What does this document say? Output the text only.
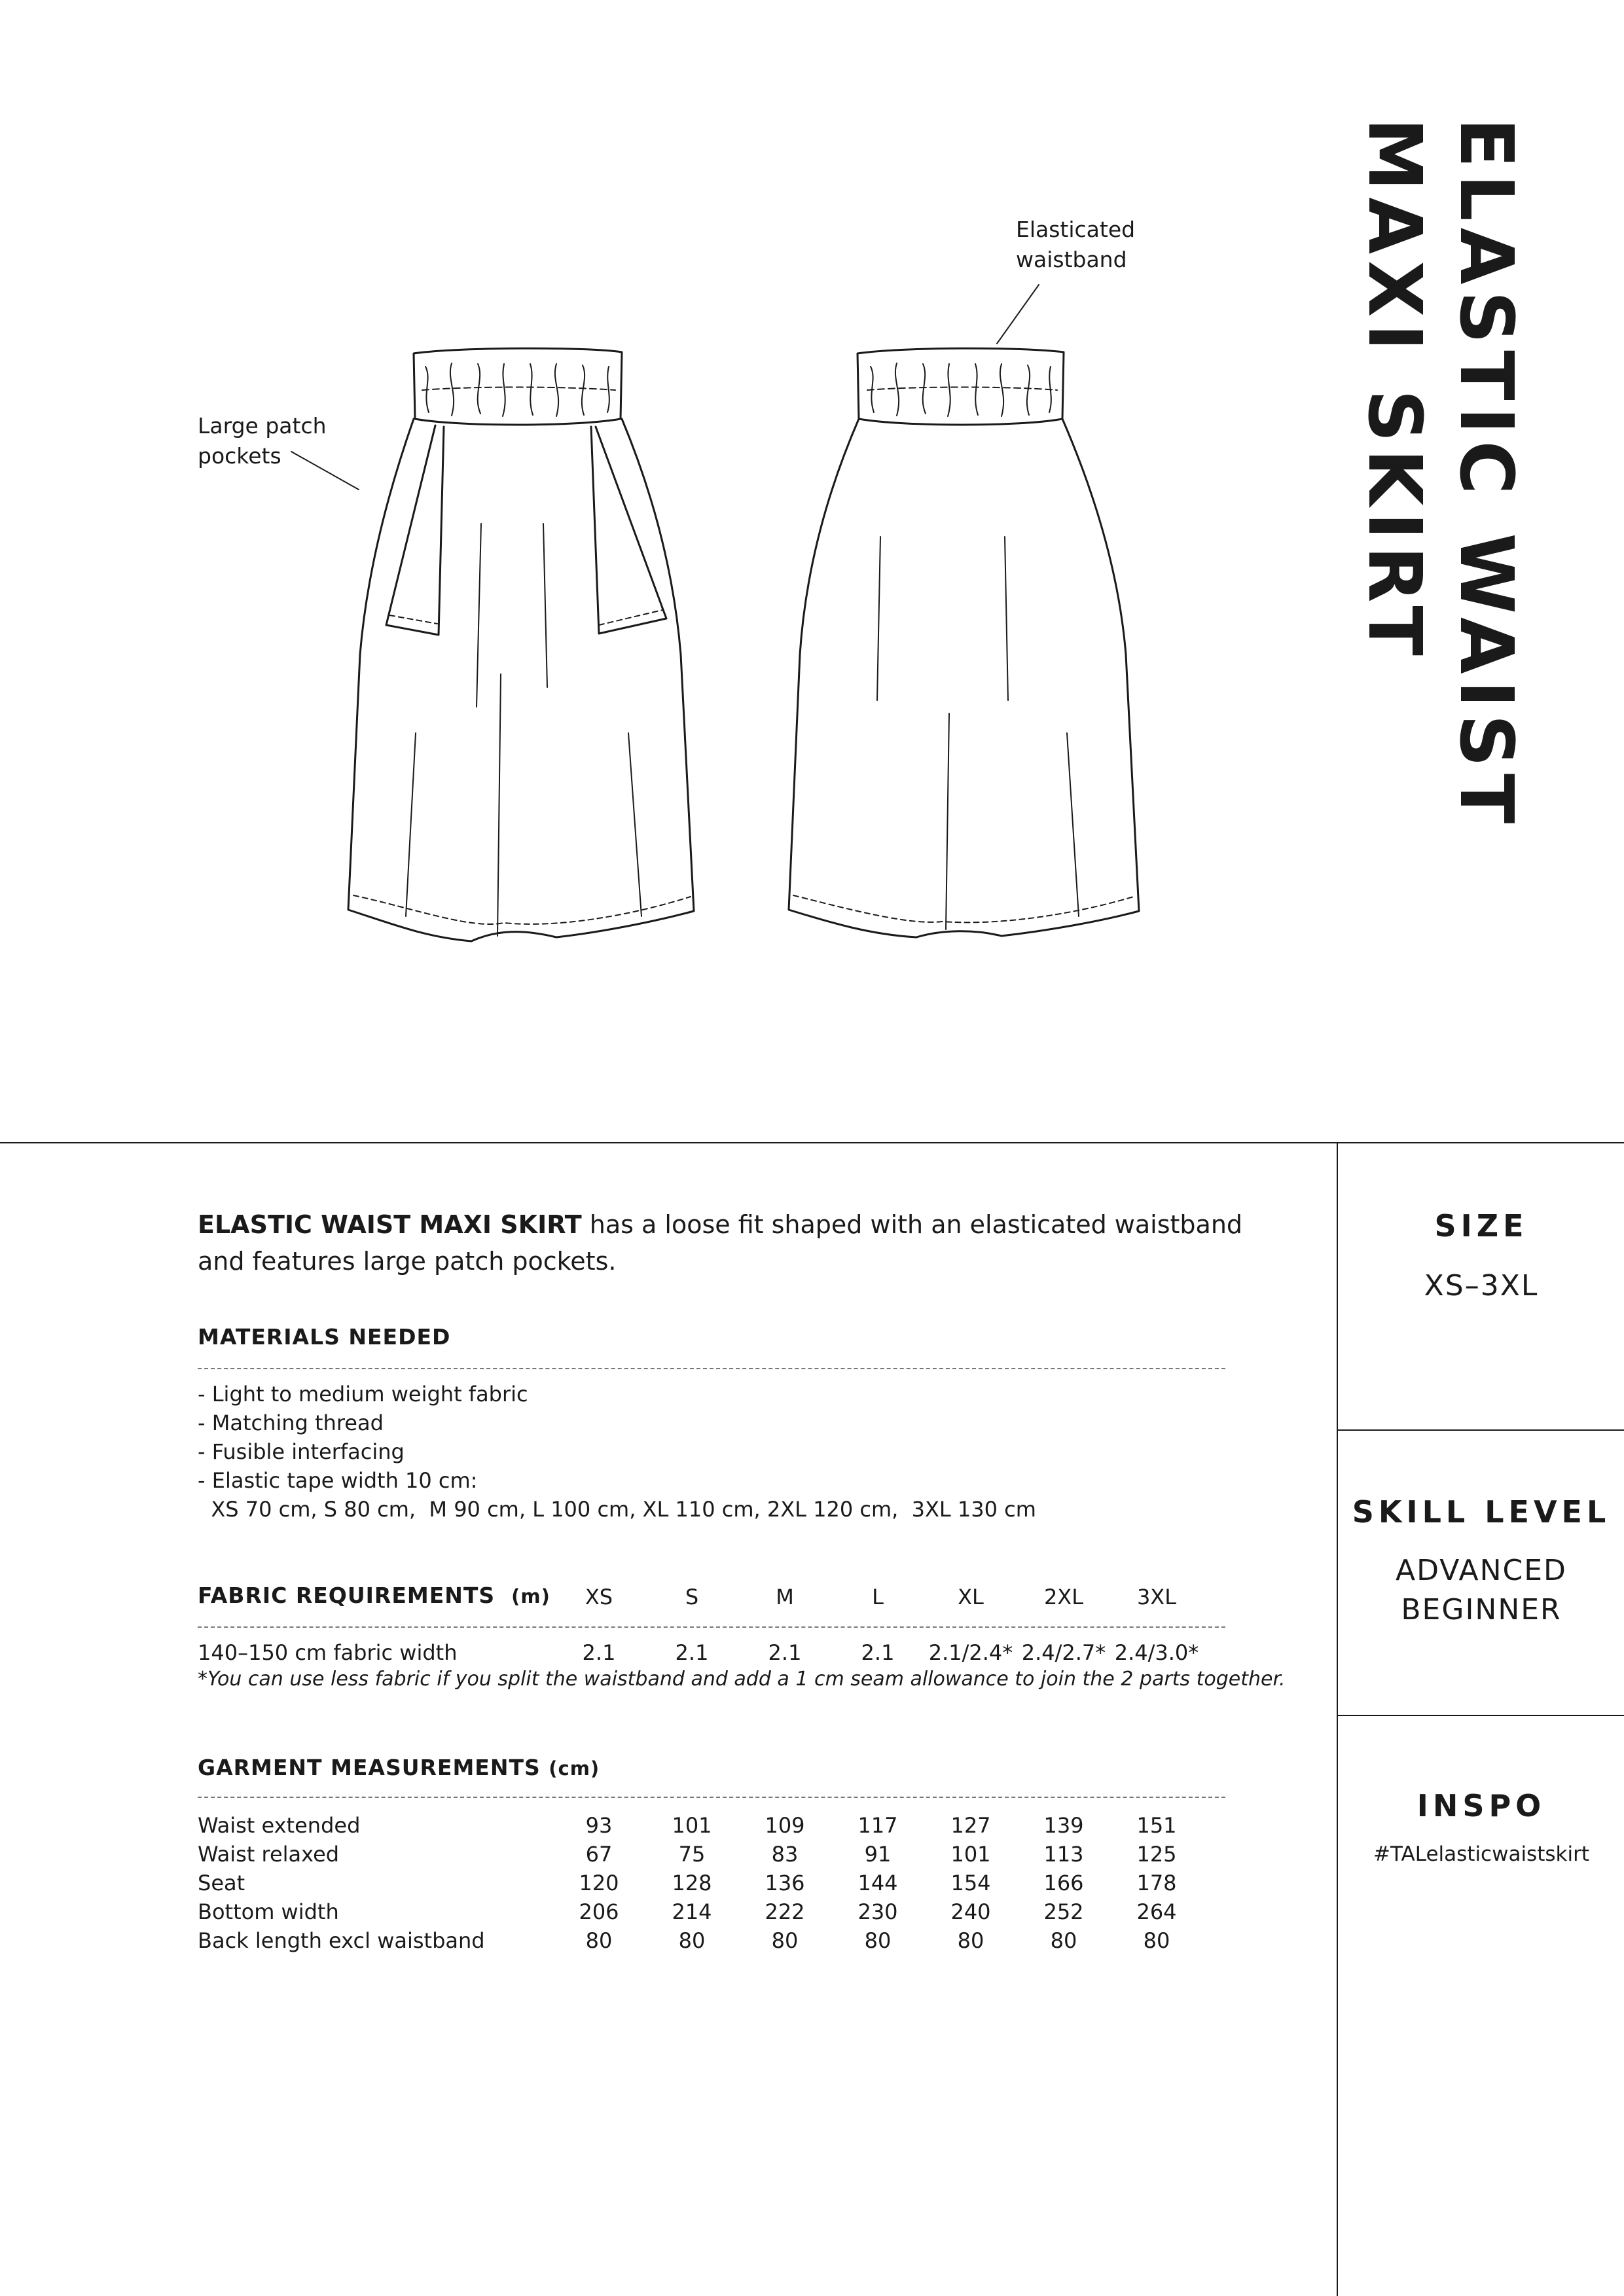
Large patch
pockets
Elasticated
waistband	ELASTIC WAIST MAXI SKIRT
ELASTIC WAIST MAXI SKIRT has a loose fit shaped with an elasticated waistband
and features large patch pockets.
MATERIALS NEEDED
- Light to medium weight fabric
- Matching thread
- Fusible interfacing
- Elastic tape width 10 cm:
XS 70 cm, S 80 cm,  M 90 cm, L 100 cm, XL 110 cm, 2XL 120 cm,  3XL 130 cm
FABRIC REQUIREMENTS (m)	XS	S	M	L	XL	2XL	3XL
140–150 cm fabric width	2.1	2.1	2.1	2.1	2.1/2.4* 2.4/2.7* 2.4/3.0*
*You can use less fabric if you split the waistband and add a 1 cm seam allowance to join the 2 parts together.
GARMENT MEASUREMENTS (cm)
Waist extended	93	101	109	117	127	139	151
Waist relaxed	67	75	83	91	101	113	125
Seat	120	128	136	144	154	166	178
Bottom width	206	214	222	230	240	252	264
Back length excl waistband	80	80	80	80	80	80	80
SIZE
XS–3XL
SKILL LEVEL
ADVANCED
BEGINNER
INSPO
#TALelasticwaistskirt
